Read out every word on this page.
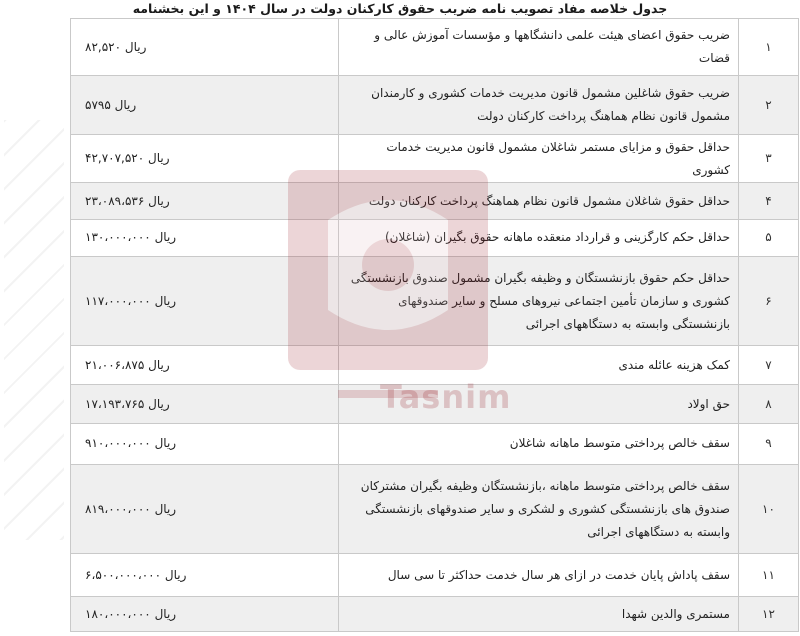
جدول خلاصه مفاد تصویب نامه ضریب حقوق کارکنان دولت در سال ۱۴۰۴ و این بخشنامه
۱	ضریب حقوق اعضای هیئت علمی دانشگاهها و مؤسسات آموزش عالی و قضات	۸۲,۵۲۰ ریال
۲	ضریب حقوق شاغلین مشمول قانون مدیریت خدمات کشوری و کارمندان مشمول قانون نظام هماهنگ پرداخت کارکنان دولت	۵۷۹۵ ریال
۳	حداقل حقوق و مزایای مستمر شاغلان مشمول قانون مدیریت خدمات کشوری	۴۲,۷۰۷,۵۲۰ ریال
۴	حداقل حقوق شاغلان مشمول قانون نظام هماهنگ پرداخت کارکنان دولت	۲۳،۰۸۹،۵۳۶ ریال
۵	حداقل حکم کارگزینی و قرارداد منعقده ماهانه حقوق بگیران (شاغلان)	۱۳۰،۰۰۰،۰۰۰ ریال
۶	حداقل حکم حقوق بازنشستگان و وظیفه بگیران مشمول صندوق بازنشستگی کشوری و سازمان تأمین اجتماعی نیروهای مسلح و سایر صندوقهای بازنشستگی وابسته به دستگاههای اجرائی	۱۱۷،۰۰۰،۰۰۰ ریال
۷	کمک هزینه عائله مندی	۲۱،۰۰۶،۸۷۵ ریال
۸	حق اولاد	۱۷،۱۹۳،۷۶۵ ریال
۹	سقف خالص پرداختی متوسط ماهانه شاغلان	۹۱۰،۰۰۰،۰۰۰ ریال
۱۰	سقف خالص پرداختی متوسط ماهانه ،بازنشستگان وظیفه بگیران مشترکان صندوق های بازنشستگی کشوری و لشکری و سایر صندوقهای بازنشستگی وابسته به دستگاههای اجرائی	۸۱۹،۰۰۰،۰۰۰ ریال
۱۱	سقف پاداش پایان خدمت در ازای هر سال خدمت حداکثر تا سی سال	۶،۵۰۰،۰۰۰،۰۰۰ ریال
۱۲	مستمری والدین شهدا	۱۸۰،۰۰۰،۰۰۰ ریال
Tasnim
